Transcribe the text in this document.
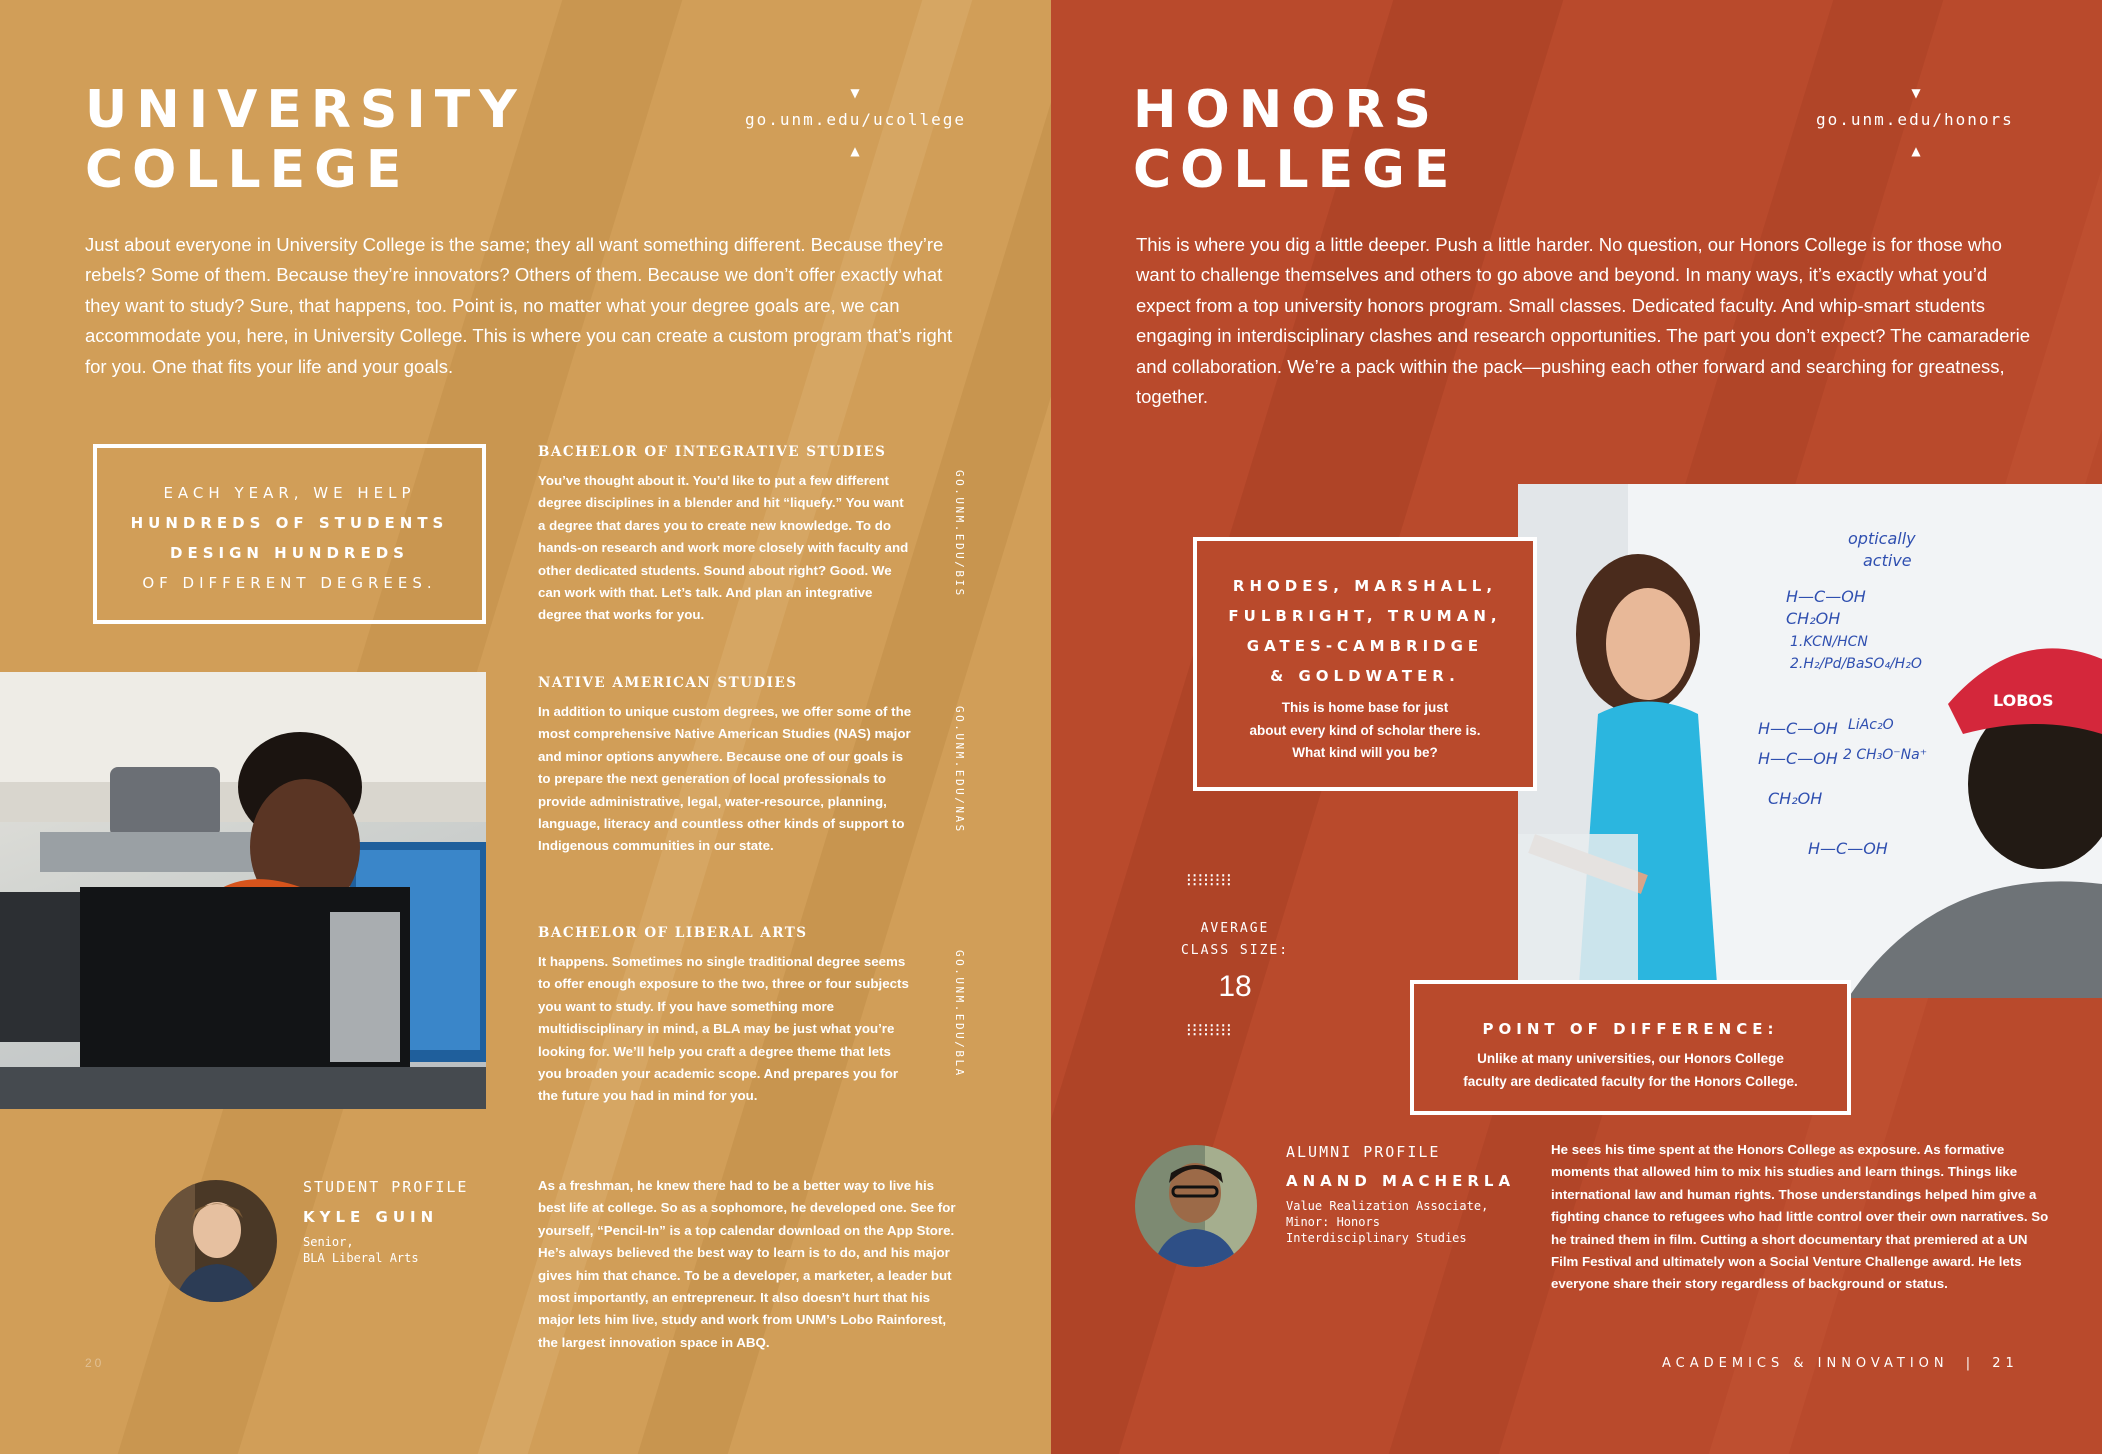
UNIVERSITY
COLLEGE
▼
go.unm.edu/ucollege
▲

Just about everyone in University College is the same; they all want something different. Because they’re rebels? Some of them. Because they’re innovators? Others of them. Because we don’t offer exactly what they want to study? Sure, that happens, too. Point is, no matter what your degree goals are, we can accommodate you, here, in University College. This is where you can create a custom program that’s right for you. One that fits your life and your goals.

EACH YEAR, WE HELP
HUNDREDS OF STUDENTS
DESIGN HUNDREDS
OF DIFFERENT DEGREES.
BACHELOR OF INTEGRATIVE STUDIES

You’ve thought about it. You’d like to put a few different degree disciplines in a blender and hit “liquefy.” You want a degree that dares you to create new knowledge. To do hands-on research and work more closely with faculty and other dedicated students. Sound about right? Good. We can work with that. Let’s talk. And plan an integrative degree that works for you.

GO.UNM.EDU/BIS
NATIVE AMERICAN STUDIES

In addition to unique custom degrees, we offer some of the most comprehensive Native American Studies (NAS) major and minor options anywhere. Because one of our goals is to prepare the next generation of local professionals to provide administrative, legal, water-resource, planning, language, literacy and countless other kinds of support to Indigenous communities in our state.

GO.UNM.EDU/NAS
BACHELOR OF LIBERAL ARTS

It happens. Sometimes no single traditional degree seems to offer enough exposure to the two, three or four subjects you want to study. If you have something more multidisciplinary in mind, a BLA may be just what you’re looking for. We’ll help you craft a degree theme that lets you broaden your academic scope. And prepares you for the future you had in mind for you.

GO.UNM.EDU/BLA
STUDENT PROFILE
KYLE GUIN
Senior,
BLA Liberal Arts

As a freshman, he knew there had to be a better way to live his best life at college. So as a sophomore, he developed one. See for yourself, “Pencil-In” is a top calendar download on the App Store. He’s always believed the best way to learn is to do, and his major gives him that chance. To be a developer, a marketer, a leader but most importantly, an entrepreneur. It also doesn’t hurt that his major lets him live, study and work from UNM’s Lobo Rainforest, the largest innovation space in ABQ.

20
HONORS
COLLEGE
▼
go.unm.edu/honors
▲

This is where you dig a little deeper. Push a little harder. No question, our Honors College is for those who want to challenge themselves and others to go above and beyond. In many ways, it’s exactly what you’d expect from a top university honors program. Small classes. Dedicated faculty. And whip-smart students engaging in interdisciplinary clashes and research opportunities. The part you don’t expect? The camaraderie and collaboration. We’re a pack within the pack—pushing each other forward and searching for greatness, together.

optically
active
H—C—OH
CH₂OH
1.KCN/HCN
2.H₂/Pd/BaSO₄/H₂O
H—C—OH
H—C—OH
LiAc₂O
2 CH₃O⁻Na⁺
CH₂OH
H—C—OH
LOBOS
RHODES, MARSHALL,
FULBRIGHT, TRUMAN,
GATES-CAMBRIDGE
& GOLDWATER.
This is home base for just
about every kind of scholar there is.
What kind will you be?
⁝⁝⁝⁝⁝⁝⁝⁝
AVERAGE
CLASS SIZE:
18
⁝⁝⁝⁝⁝⁝⁝⁝	POINT OF DIFFERENCE:
Unlike at many universities, our Honors College
faculty are dedicated faculty for the Honors College.
ALUMNI PROFILE
ANAND MACHERLA
Value Realization Associate,
Minor: Honors
Interdisciplinary Studies

He sees his time spent at the Honors College as exposure. As formative moments that allowed him to mix his studies and learn things. Things like international law and human rights. Those understandings helped him give a fighting chance to refugees who had little control over their own narratives. So he trained them in film. Cutting a short documentary that premiered at a UN Film Festival and ultimately won a Social Venture Challenge award. He lets everyone share their story regardless of background or status.

ACADEMICS & INNOVATION | 21
